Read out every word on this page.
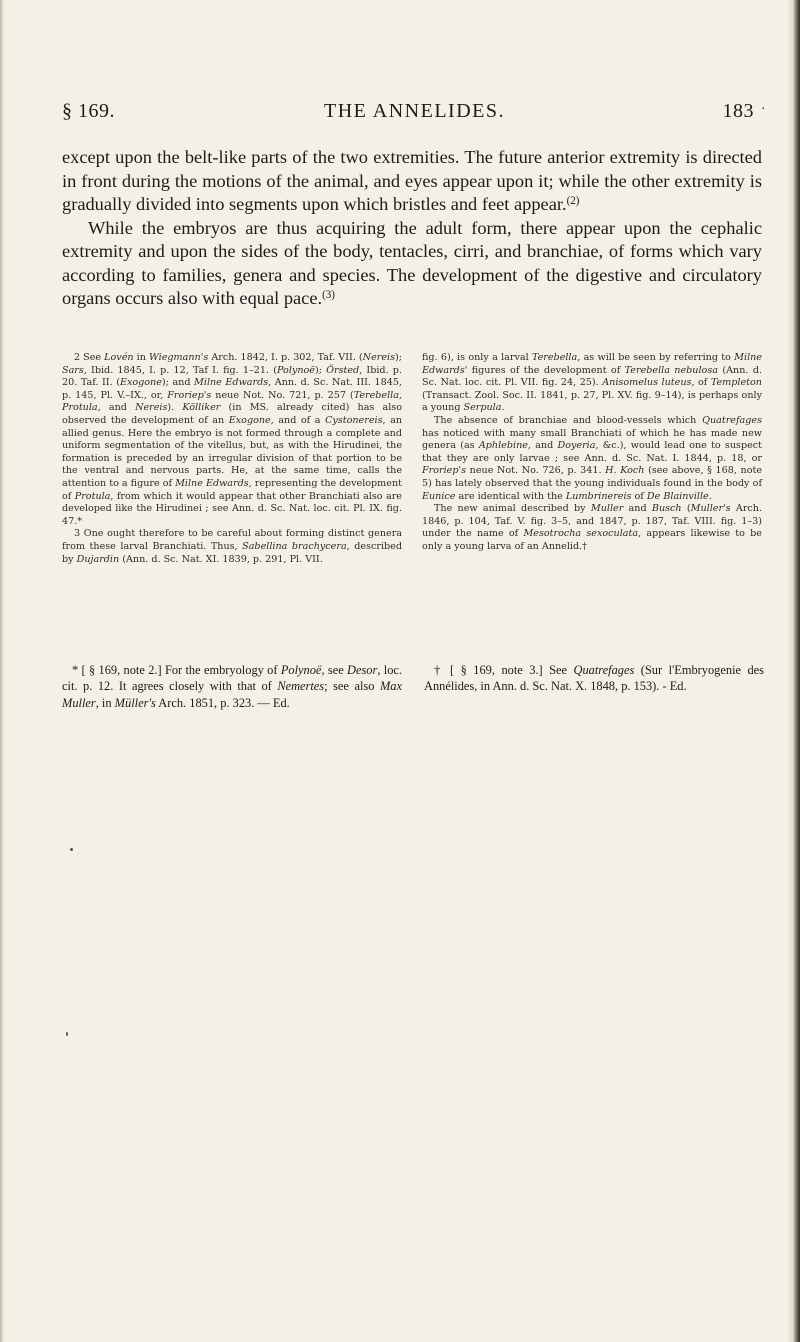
§ 169.	THE ANNELIDES.	183 ·

except upon the belt-like parts of the two extremities. The future anterior extremity is directed in front during the motions of the animal, and eyes appear upon it; while the other extremity is gradually divided into segments upon which bristles and feet appear.$^{(2)}$

While the embryos are thus acquiring the adult form, there appear upon the cephalic extremity and upon the sides of the body, tentacles, cirri, and branchiae, of forms which vary according to families, genera and species. The development of the digestive and circulatory organs occurs also with equal pace.$^{(3)}$

2 See Lovén in Wiegmann's Arch. 1842, I. p. 302, Taf. VII. (Nereis); Sars, Ibid. 1845, I. p. 12, Taf I. fig. 1–21. (Polynoë); Örsted, Ibid. p. 20. Taf. II. (Exogone); and Milne Edwards, Ann. d. Sc. Nat. III. 1845, p. 145, Pl. V.–IX., or, Froriep's neue Not. No. 721, p. 257 (Terebella, Protula, and Nereis). Kölliker (in MS. already cited) has also observed the development of an Exogone, and of a Cystonereis, an allied genus. Here the embryo is not formed through a complete and uniform segmentation of the vitellus, but, as with the Hirudinei, the formation is preceded by an irregular division of that portion to be the ventral and nervous parts. He, at the same time, calls the attention to a figure of Milne Edwards, representing the development of Protula, from which it would appear that other Branchiati also are developed like the Hirudinei ; see Ann. d. Sc. Nat. loc. cit. Pl. IX. fig. 47.*

3 One ought therefore to be careful about forming distinct genera from these larval Branchiati. Thus, Sabellina brachycera, described by Dujardin (Ann. d. Sc. Nat. XI. 1839, p. 291, Pl. VII.

fig. 6), is only a larval Terebella, as will be seen by referring to Milne Edwards' figures of the development of Terebella nebulosa (Ann. d. Sc. Nat. loc. cit. Pl. VII. fig. 24, 25). Anisomelus luteus, of Templeton (Transact. Zool. Soc. II. 1841, p. 27, Pl. XV. fig. 9–14), is perhaps only a young Serpula.

The absence of branchiae and blood-vessels which Quatrefages has noticed with many small Branchiati of which he has made new genera (as Aphlebine, and Doyeria, &c.), would lead one to suspect that they are only larvae ; see Ann. d. Sc. Nat. I. 1844, p. 18, or Froriep's neue Not. No. 726, p. 341. H. Koch (see above, § 168, note 5) has lately observed that the young individuals found in the body of Eunice are identical with the Lumbrinereis of De Blainville.

The new animal described by Muller and Busch (Muller's Arch. 1846, p. 104, Taf. V. fig. 3–5, and 1847, p. 187, Taf. VIII. fig. 1–3) under the name of Mesotrocha sexoculata, appears likewise to be only a young larva of an Annelid.†

* [ § 169, note 2.] For the embryology of Polynoë, see Desor, loc. cit. p. 12. It agrees closely with that of Nemertes; see also Max Muller, in Müller's Arch. 1851, p. 323. — Ed.

† [ § 169, note 3.] See Quatrefages (Sur l'Embryogenie des Annélides, in Ann. d. Sc. Nat. X. 1848, p. 153). - Ed.
